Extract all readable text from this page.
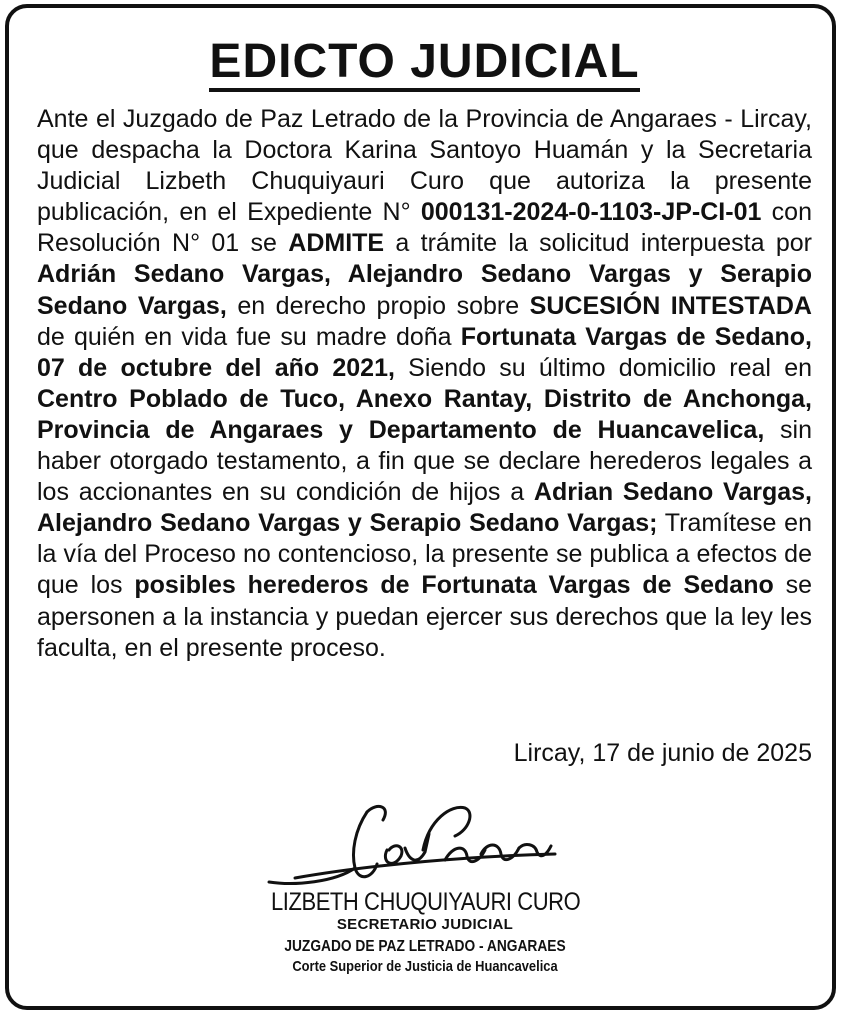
EDICTO JUDICIAL
Ante el Juzgado de Paz Letrado de la Provincia de Angaraes - Lircay, que despacha la Doctora Karina Santoyo Huamán y la Secretaria Judicial Lizbeth Chuquiyauri Curo que autoriza la presente publicación, en el Expediente N° 000131-2024-0-1103-JP-CI-01 con Resolución N° 01 se ADMITE a trámite la solicitud interpuesta por Adrián Sedano Vargas, Alejandro Sedano Vargas y Serapio Sedano Vargas, en derecho propio sobre SUCESIÓN INTESTADA de quién en vida fue su madre doña Fortunata Vargas de Sedano, 07 de octubre del año 2021, Siendo su último domicilio real en Centro Poblado de Tuco, Anexo Rantay, Distrito de Anchonga, Provincia de Angaraes y Departamento de Huancavelica, sin haber otorgado testamento, a fin que se declare herederos legales a los accionantes en su condición de hijos a Adrian Sedano Vargas, Alejandro Sedano Vargas y Serapio Sedano Vargas; Tramítese en la vía del Proceso no contencioso, la presente se publica a efectos de que los posibles herederos de Fortunata Vargas de Sedano se apersonen a la instancia y puedan ejercer sus derechos que la ley les faculta, en el presente proceso.
Lircay, 17 de junio de 2025
LIZBETH CHUQUIYAURI CURO
SECRETARIO JUDICIAL
JUZGADO DE PAZ LETRADO - ANGARAES
Corte Superior de Justicia de Huancavelica
